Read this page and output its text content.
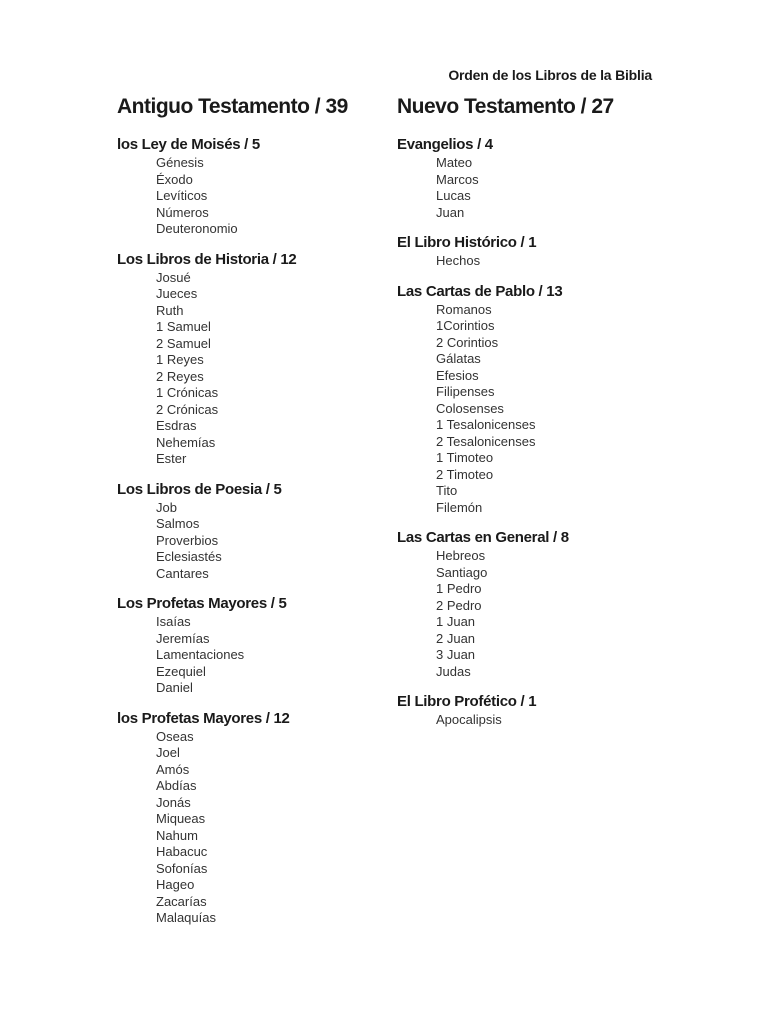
Orden de los Libros de la Biblia
Antiguo Testamento / 39
los Ley de Moisés / 5
Génesis
Éxodo
Levíticos
Números
Deuteronomio
Los Libros de Historia / 12
Josué
Jueces
Ruth
1 Samuel
2 Samuel
1 Reyes
2 Reyes
1 Crónicas
2 Crónicas
Esdras
Nehemías
Ester
Los Libros de Poesia / 5
Job
Salmos
Proverbios
Eclesiastés
Cantares
Los Profetas Mayores / 5
Isaías
Jeremías
Lamentaciones
Ezequiel
Daniel
los Profetas Mayores / 12
Oseas
Joel
Amós
Abdías
Jonás
Miqueas
Nahum
Habacuc
Sofonías
Hageo
Zacarías
Malaquías
Nuevo Testamento / 27
Evangelios / 4
Mateo
Marcos
Lucas
Juan
El Libro Histórico / 1
Hechos
Las Cartas de Pablo / 13
Romanos
1Corintios
2 Corintios
Gálatas
Efesios
Filipenses
Colosenses
1 Tesalonicenses
2 Tesalonicenses
1 Timoteo
2 Timoteo
Tito
Filemón
Las Cartas en General / 8
Hebreos
Santiago
1 Pedro
2 Pedro
1 Juan
2 Juan
3 Juan
Judas
El Libro Profético / 1
Apocalipsis
